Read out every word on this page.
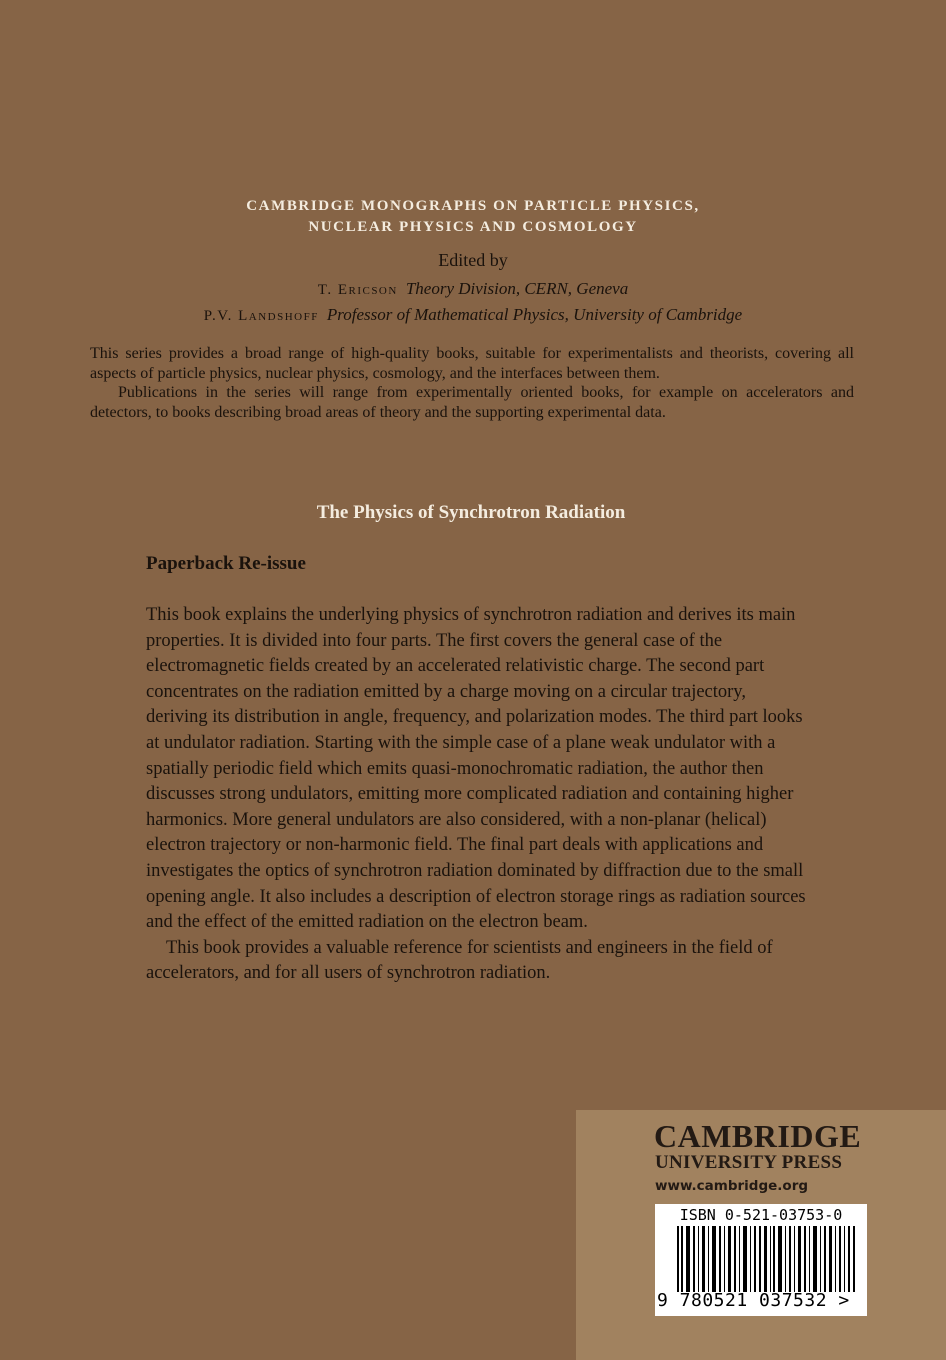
CAMBRIDGE MONOGRAPHS ON PARTICLE PHYSICS,
NUCLEAR PHYSICS AND COSMOLOGY
Edited by
T. Ericson Theory Division, CERN, Geneva
P.V. Landshoff Professor of Mathematical Physics, University of Cambridge

This series provides a broad range of high-quality books, suitable for experimentalists and theorists, covering all aspects of particle physics, nuclear physics, cosmology, and the interfaces between them.

Publications in the series will range from experimentally oriented books, for example on accelerators and detectors, to books describing broad areas of theory and the supporting experimental data.

The Physics of Synchrotron Radiation
Paperback Re-issue

This book explains the underlying physics of synchrotron radiation and derives its main properties. It is divided into four parts. The first covers the general case of the electromagnetic fields created by an accelerated relativistic charge. The second part concentrates on the radiation emitted by a charge moving on a circular trajectory, deriving its distribution in angle, frequency, and polarization modes. The third part looks at undulator radiation. Starting with the simple case of a plane weak undulator with a spatially periodic field which emits quasi-monochromatic radiation, the author then discusses strong undulators, emitting more complicated radiation and containing higher harmonics. More general undulators are also considered, with a non-planar (helical) electron trajectory or non-harmonic field. The final part deals with applications and investigates the optics of synchrotron radiation dominated by diffraction due to the small opening angle. It also includes a description of electron storage rings as radiation sources and the effect of the emitted radiation on the electron beam.

This book provides a valuable reference for scientists and engineers in the field of accelerators, and for all users of synchrotron radiation.

CAMBRIDGE
UNIVERSITY PRESS
www.cambridge.org
ISBN 0-521-03753-0
9 780521 037532 >
